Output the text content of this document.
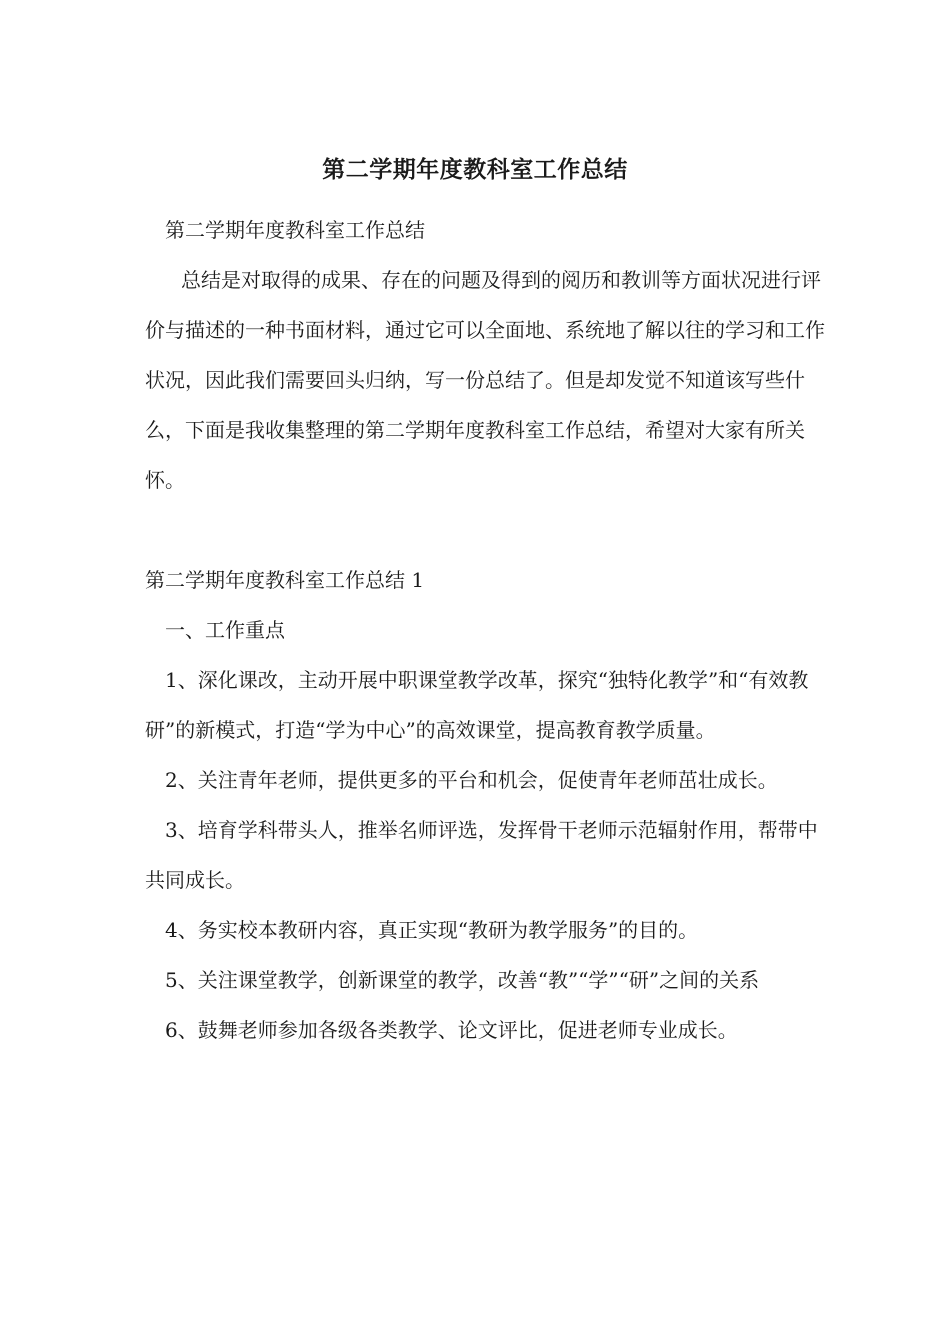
第二学期年度教科室工作总结

第二学期年度教科室工作总结

总结是对取得的成果、存在的问题及得到的阅历和教训等方面状况进行评价与描述的一种书面材料，通过它可以全面地、系统地了解以往的学习和工作状况，因此我们需要回头归纳，写一份总结了。但是却发觉不知道该写些什么，下面是我收集整理的第二学期年度教科室工作总结，希望对大家有所关怀。

第二学期年度教科室工作总结 1

一、工作重点

1、深化课改，主动开展中职课堂教学改革，探究“独特化教学”和“有效教研”的新模式，打造“学为中心”的高效课堂，提高教育教学质量。

2、关注青年老师，提供更多的平台和机会，促使青年老师茁壮成长。

3、培育学科带头人，推举名师评选，发挥骨干老师示范辐射作用，帮带中共同成长。

4、务实校本教研内容，真正实现“教研为教学服务”的目的。

5、关注课堂教学，创新课堂的教学，改善“教”“学”“研”之间的关系

6、鼓舞老师参加各级各类教学、论文评比，促进老师专业成长。
